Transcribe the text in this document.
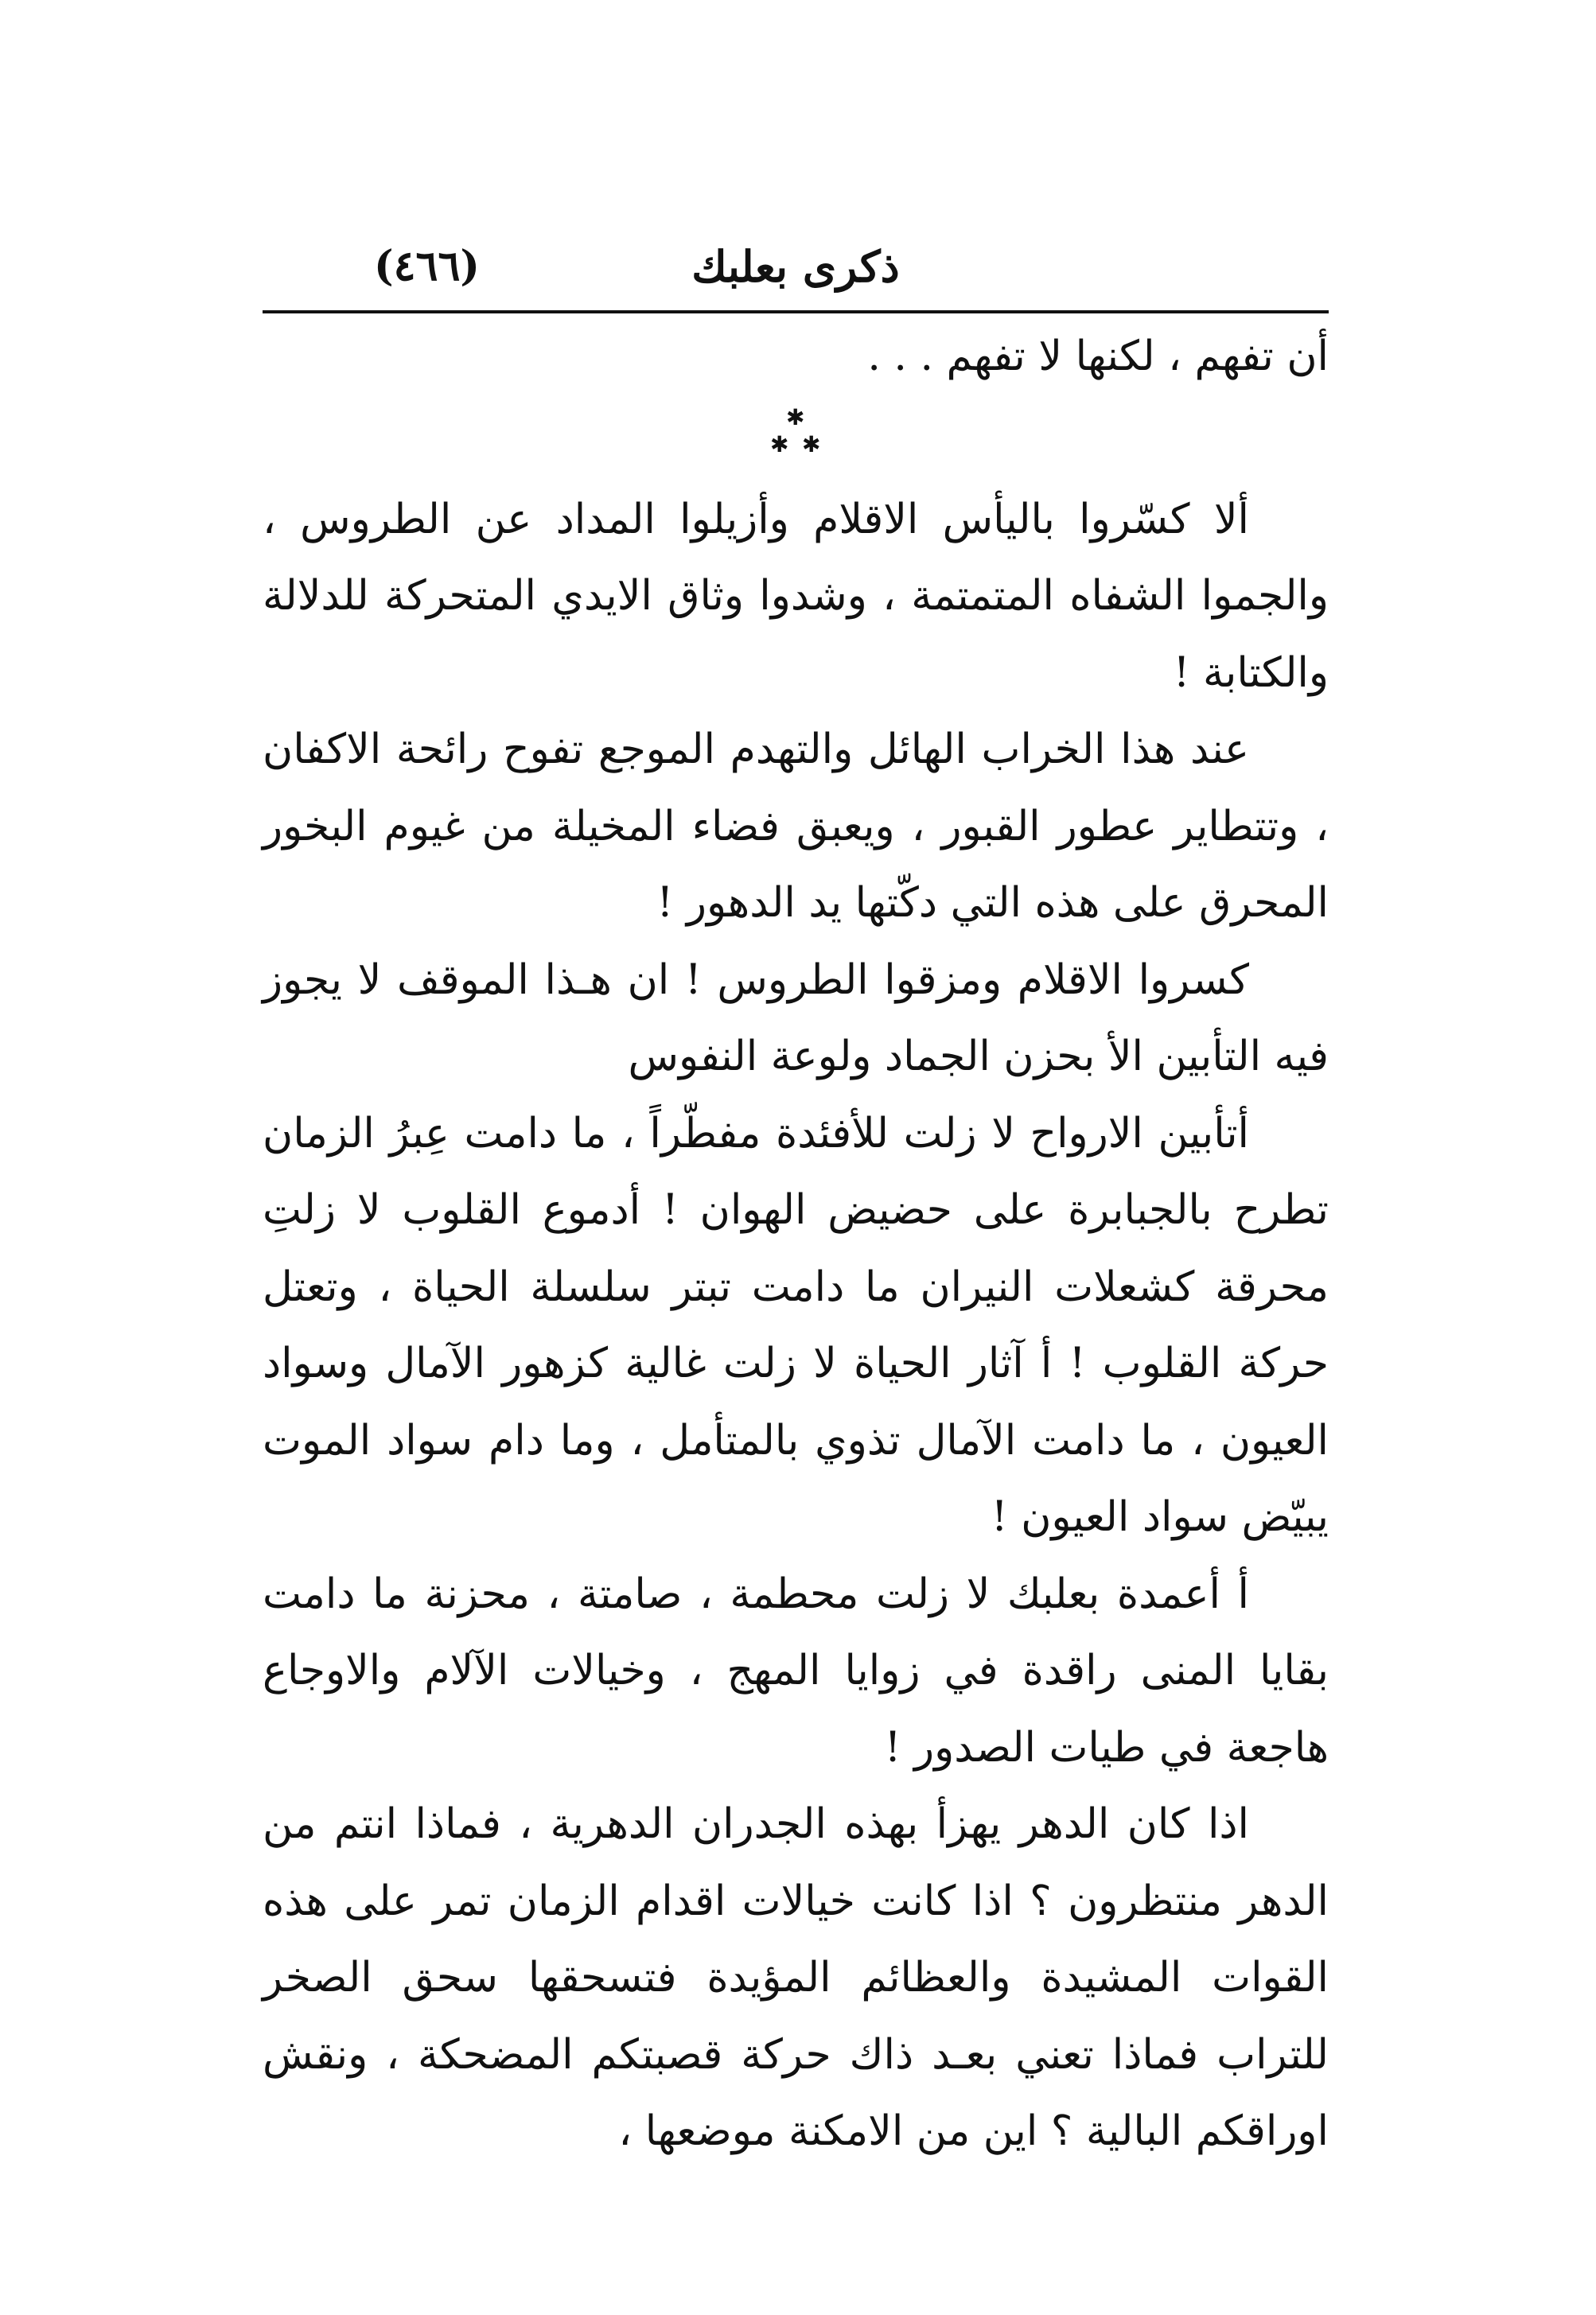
ذكرى بعلبك
(٤٦٦)

أن تفهم ، لكنها لا تفهم . . .

✱
✱ ✱

ألا كسّروا باليأس الاقلام وأزيلوا المداد عن الطروس ، والجموا الشفاه المتمتمة ، وشدوا وثاق الايدي المتحركة للدلالة والكتابة !

عند هذا الخراب الهائل والتهدم الموجع تفوح رائحة الاكفان ، وتتطاير عطور القبور ، ويعبق فضاء المخيلة من غيوم البخور المحرق على هذه التي دكّتها يد الدهور !

كسروا الاقلام ومزقوا الطروس ! ان هـذا الموقف لا يجوز فيه التأبين الأ بحزن الجماد ولوعة النفوس

أتأبين الارواح لا زلت للأفئدة مفطّراً ، ما دامت عِبرُ الزمان تطرح بالجبابرة على حضيض الهوان ! أدموع القلوب لا زلتِ محرقة كشعلات النيران ما دامت تبتر سلسلة الحياة ، وتعتل حركة القلوب ! أ آثار الحياة لا زلت غالية كزهور الآمال وسواد العيون ، ما دامت الآمال تذوي بالمتأمل ، وما دام سواد الموت يبيّض سواد العيون !

أ أعمدة بعلبك لا زلت محطمة ، صامتة ، محزنة ما دامت بقايا المنى راقدة في زوايا المهج ، وخيالات الآلام والاوجاع هاجعة في طيات الصدور !

اذا كان الدهر يهزأ بهذه الجدران الدهرية ، فماذا انتم من الدهر منتظرون ؟ اذا كانت خيالات اقدام الزمان تمر على هذه القوات المشيدة والعظائم المؤيدة فتسحقها سحق الصخر للتراب فماذا تعني بعـد ذاك حركة قصبتكم المضحكة ، ونقش اوراقكم البالية ؟ اين من الامكنة موضعها ،
